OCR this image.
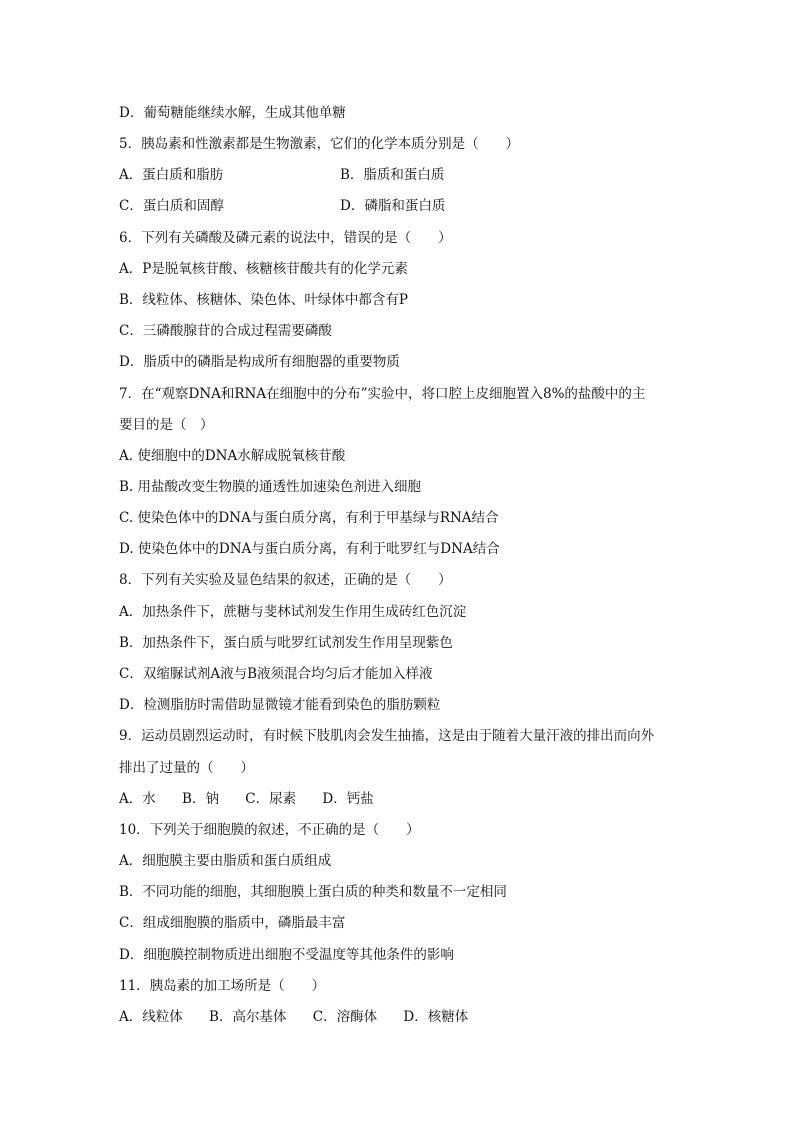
D．葡萄糖能继续水解，生成其他单糖
5．胰岛素和性激素都是生物激素，它们的化学本质分别是（　　）
A．蛋白质和脂肪	B．脂质和蛋白质
C．蛋白质和固醇	D．磷脂和蛋白质
6．下列有关磷酸及磷元素的说法中，错误的是（　　）
A．P是脱氧核苷酸、核糖核苷酸共有的化学元素
B．线粒体、核糖体、染色体、叶绿体中都含有P
C．三磷酸腺苷的合成过程需要磷酸
D．脂质中的磷脂是构成所有细胞器的重要物质
7．在“观察DNA和RNA在细胞中的分布”实验中，将口腔上皮细胞置入8%的盐酸中的主
要目的是（　）
A. 使细胞中的DNA水解成脱氧核苷酸
B. 用盐酸改变生物膜的通透性加速染色剂进入细胞
C. 使染色体中的DNA与蛋白质分离，有利于甲基绿与RNA结合
D. 使染色体中的DNA与蛋白质分离，有利于吡罗红与DNA结合
8．下列有关实验及显色结果的叙述，正确的是（　　）
A．加热条件下，蔗糖与斐林试剂发生作用生成砖红色沉淀
B．加热条件下，蛋白质与吡罗红试剂发生作用呈现紫色
C．双缩脲试剂A液与B液须混合均匀后才能加入样液
D．检测脂肪时需借助显微镜才能看到染色的脂肪颗粒
9．运动员剧烈运动时，有时候下肢肌肉会发生抽搐，这是由于随着大量汗液的排出而向外
排出了过量的（　　）
A．水 B．钠 C．尿素 D．钙盐
10．下列关于细胞膜的叙述，不正确的是（　　）
A．细胞膜主要由脂质和蛋白质组成
B．不同功能的细胞，其细胞膜上蛋白质的种类和数量不一定相同
C．组成细胞膜的脂质中，磷脂最丰富
D．细胞膜控制物质进出细胞不受温度等其他条件的影响
11．胰岛素的加工场所是（　　）
A．线粒体 B．高尔基体 C．溶酶体 D．核糖体
